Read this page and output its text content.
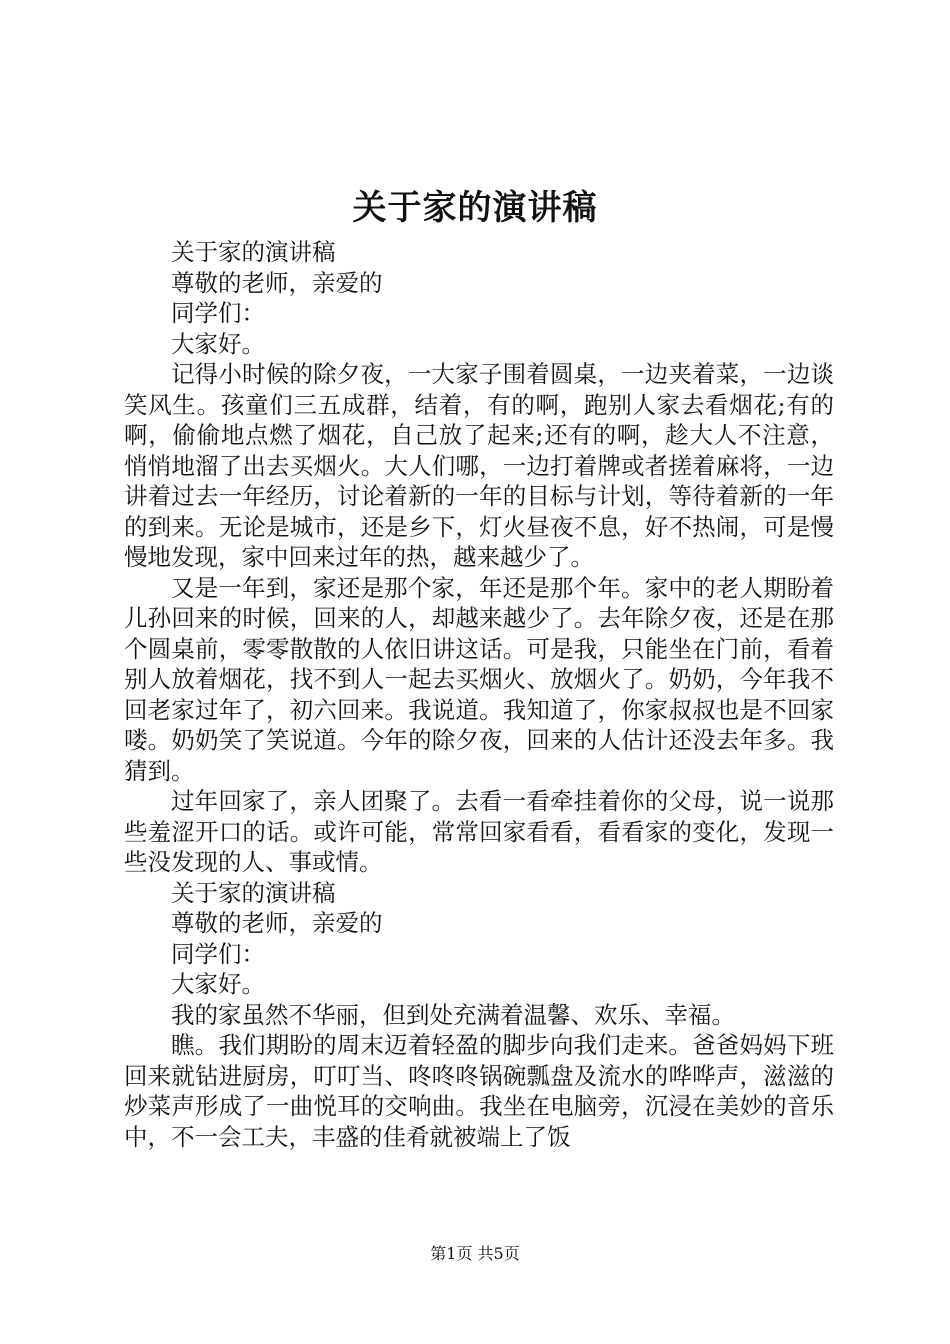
关于家的演讲稿

关于家的演讲稿

尊敬的老师，亲爱的

同学们：

大家好。

记得小时候的除夕夜，一大家子围着圆桌，一边夹着菜，一边谈笑风生。孩童们三五成群，结着，有的啊，跑别人家去看烟花;有的啊，偷偷地点燃了烟花，自己放了起来;还有的啊，趁大人不注意，悄悄地溜了出去买烟火。大人们哪，一边打着牌或者搓着麻将，一边讲着过去一年经历，讨论着新的一年的目标与计划，等待着新的一年的到来。无论是城市，还是乡下，灯火昼夜不息，好不热闹，可是慢慢地发现，家中回来过年的热，越来越少了。

又是一年到，家还是那个家，年还是那个年。家中的老人期盼着儿孙回来的时候，回来的人，却越来越少了。去年除夕夜，还是在那个圆桌前，零零散散的人依旧讲这话。可是我，只能坐在门前，看着别人放着烟花，找不到人一起去买烟火、放烟火了。奶奶，今年我不回老家过年了，初六回来。我说道。我知道了，你家叔叔也是不回家喽。奶奶笑了笑说道。今年的除夕夜，回来的人估计还没去年多。我猜到。

过年回家了，亲人团聚了。去看一看牵挂着你的父母，说一说那些羞涩开口的话。或许可能，常常回家看看，看看家的变化，发现一些没发现的人、事或情。

关于家的演讲稿

尊敬的老师，亲爱的

同学们：

大家好。

我的家虽然不华丽，但到处充满着温馨、欢乐、幸福。

瞧。我们期盼的周末迈着轻盈的脚步向我们走来。爸爸妈妈下班回来就钻进厨房，叮叮当、咚咚咚锅碗瓢盘及流水的哗哗声，滋滋的炒菜声形成了一曲悦耳的交响曲。我坐在电脑旁，沉浸在美妙的音乐中，不一会工夫，丰盛的佳肴就被端上了饭

第1页 共5页
